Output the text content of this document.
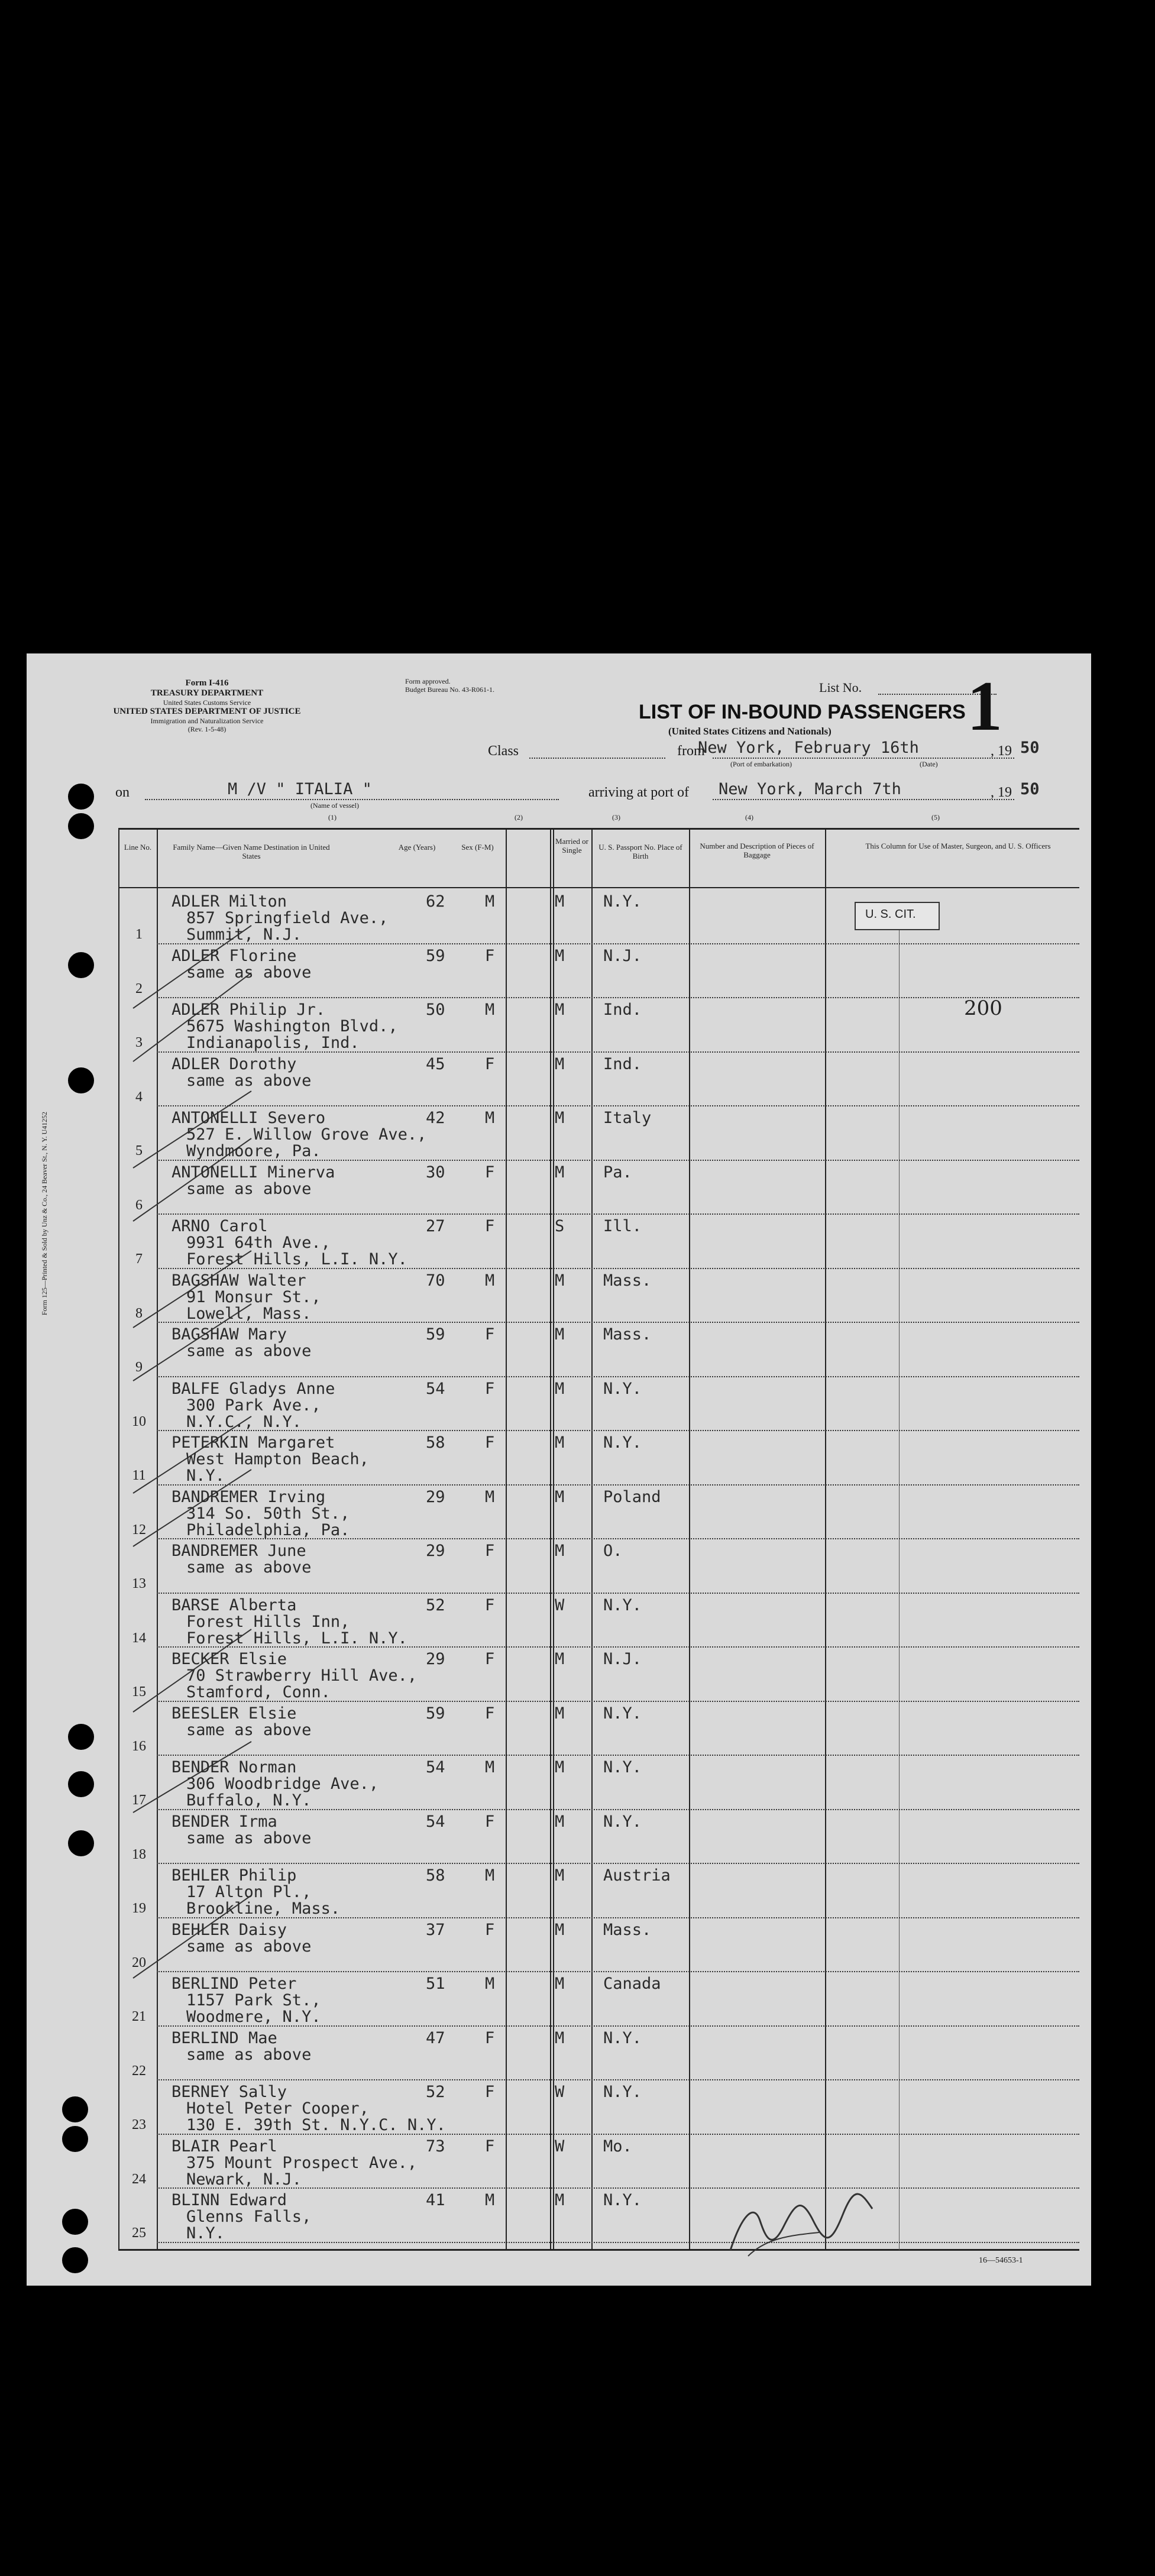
Form 125—Printed & Sold by Unz & Co., 24 Beaver St., N. Y. U41252
Form I-416
TREASURY DEPARTMENT
United States Customs Service
UNITED STATES DEPARTMENT OF JUSTICE
Immigration and Naturalization Service
(Rev. 1-5-48)
Form approved.
Budget Bureau No. 43-R061-1.	List No. 1
LIST OF IN-BOUND PASSENGERS
(United States Citizens and Nationals)
Class	from
New York, February 16th
(Port of embarkation)	(Date)
, 19 50
on	M /V " ITALIA "
(Name of vessel)
arriving at port of New York, March 7th	, 19 50
(1)	(2)	(3)	(4)	(5)
Line No.	Family Name—Given Name Destination in United States
Age (Years)	Sex (F-M)
Married or Single	U. S. Passport No. Place of Birth
Number and Description of Pieces of Baggage
This Column for Use of Master, Surgeon, and U. S. Officers
U. S. CIT.
200
1
ADLER Milton
857 Springfield Ave.,
Summit, N.J.
62 M	M N.Y.
2
ADLER Florine
same as above
59 F	M N.J.
3
ADLER Philip Jr.
5675 Washington Blvd.,
Indianapolis, Ind.
50 M	M Ind.
4
ADLER Dorothy
same as above
45 F	M Ind.
5
ANTONELLI Severo
527 E. Willow Grove Ave.,
Wyndmoore, Pa.
42 M	M Italy
6
ANTONELLI Minerva
same as above
30 F	M Pa.
7
ARNO Carol
9931 64th Ave.,
Forest Hills, L.I. N.Y.
27 F	S Ill.
8
BAGSHAW Walter
91 Monsur St.,
Lowell, Mass.
70 M	M Mass.
9
BAGSHAW Mary
same as above
59 F	M Mass.
10
BALFE Gladys Anne
300 Park Ave.,
N.Y.C., N.Y.
54 F	M N.Y.
11
PETERKIN Margaret
West Hampton Beach,
N.Y.
58 F	M N.Y.
12
BANDREMER Irving
314 So. 50th St.,
Philadelphia, Pa.
29 M	M Poland
13
BANDREMER June
same as above
29 F	M O.
14
BARSE Alberta
Forest Hills Inn,
Forest Hills, L.I. N.Y.
52 F	W N.Y.
15
BECKER Elsie
70 Strawberry Hill Ave.,
Stamford, Conn.
29 F	M N.J.
16
BEESLER Elsie
same as above
59 F	M N.Y.
17
BENDER Norman
306 Woodbridge Ave.,
Buffalo, N.Y.
54 M	M N.Y.
18
BENDER Irma
same as above
54 F	M N.Y.
19
BEHLER Philip
17 Alton Pl.,
Brookline, Mass.
58 M	M Austria
20
BEHLER Daisy
same as above
37 F	M Mass.
21
BERLIND Peter
1157 Park St.,
Woodmere, N.Y.
51 M	M Canada
22
BERLIND Mae
same as above
47 F	M N.Y.
23
BERNEY Sally
Hotel Peter Cooper,
130 E. 39th St. N.Y.C. N.Y.
52 F	W N.Y.
24
BLAIR Pearl
375 Mount Prospect Ave.,
Newark, N.J.
73 F	W Mo.
25
BLINN Edward
Glenns Falls,
N.Y.
41 M	M N.Y.
16—54653-1
